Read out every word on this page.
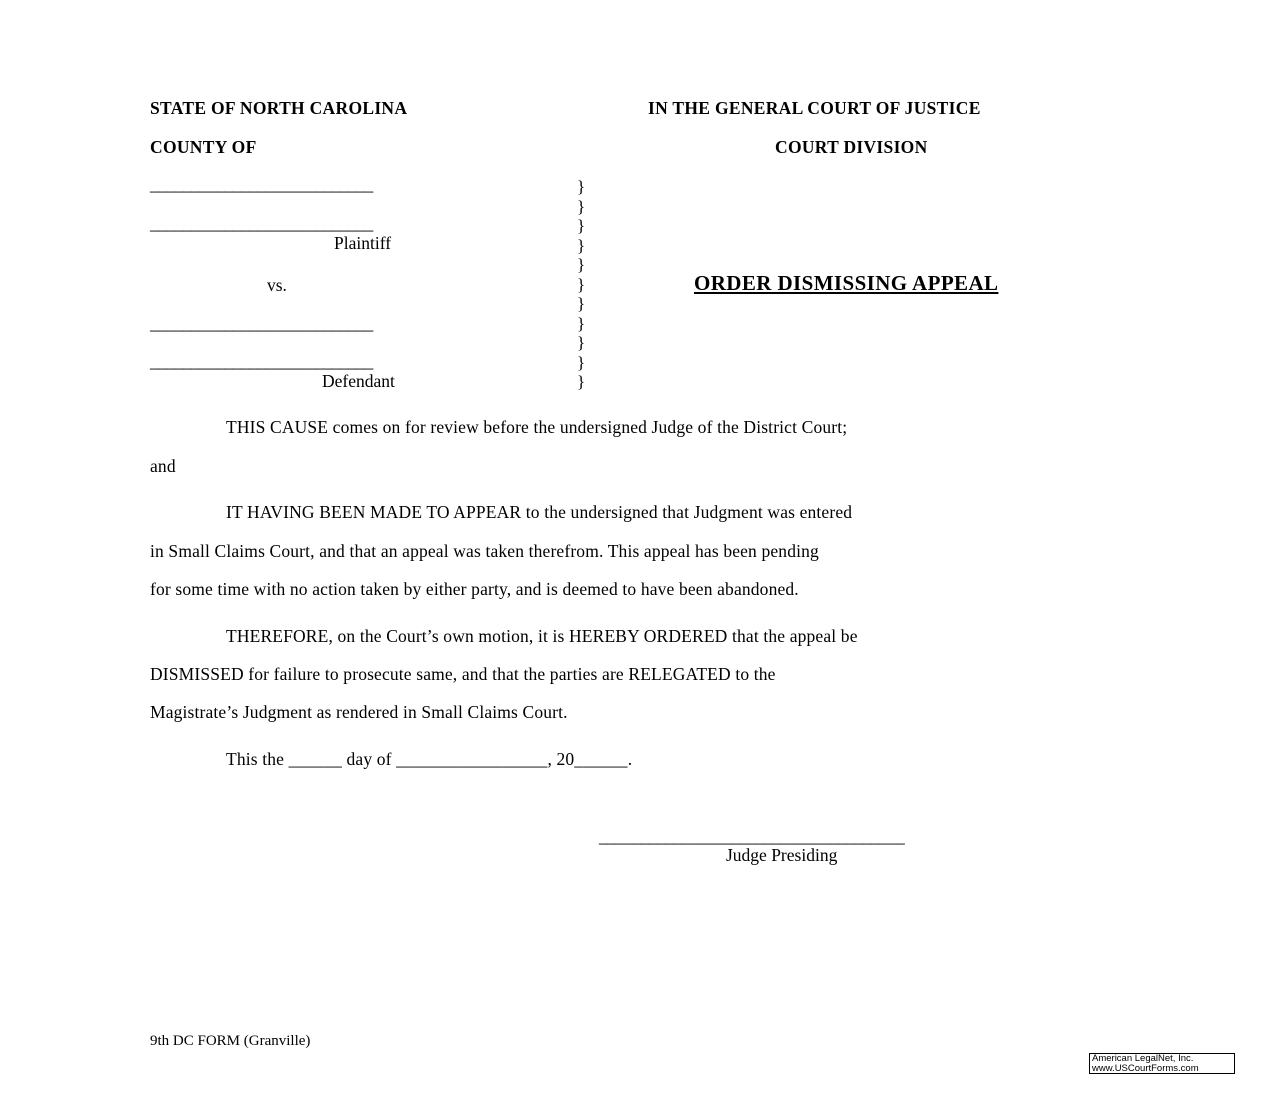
STATE OF NORTH CAROLINA	IN THE GENERAL COURT OF JUSTICE
COUNTY OF	COURT DIVISION
___________________________
___________________________
Plaintiff
vs.
___________________________
___________________________
Defendant
}
}
}
}
}
}
}
}
}
}
}
ORDER DISMISSING APPEAL
THIS CAUSE comes on for review before the undersigned Judge of the District Court;
and
IT HAVING BEEN MADE TO APPEAR to the undersigned that Judgment was entered
in Small Claims Court, and that an appeal was taken therefrom. This appeal has been pending
for some time with no action taken by either party, and is deemed to have been abandoned.
THEREFORE, on the Court’s own motion, it is HEREBY ORDERED that the appeal be
DISMISSED for failure to prosecute same, and that the parties are RELEGATED to the
Magistrate’s Judgment as rendered in Small Claims Court.
This the ______ day of _________________, 20______.
_____________________________________
Judge Presiding
9th DC FORM (Granville)
American LegalNet, Inc.
www.USCourtForms.com
